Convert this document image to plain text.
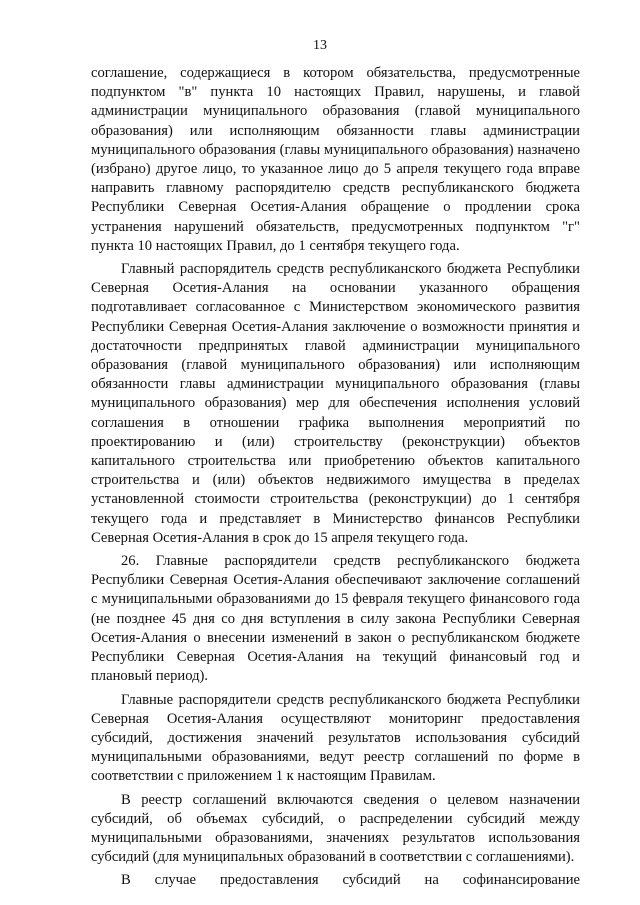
13

соглашение, содержащиеся в котором обязательства, предусмотренные подпунктом "в" пункта 10 настоящих Правил, нарушены, и главой администрации муниципального образования (главой муниципального образования) или исполняющим обязанности главы администрации муниципального образования (главы муниципального образования) назначено (избрано) другое лицо, то указанное лицо до 5 апреля текущего года вправе направить главному распорядителю средств республиканского бюджета Республики Северная Осетия-Алания обращение о продлении срока устранения нарушений обязательств, предусмотренных подпунктом "г" пункта 10 настоящих Правил, до 1 сентября текущего года.

Главный распорядитель средств республиканского бюджета Республики Северная Осетия-Алания на основании указанного обращения подготавливает согласованное с Министерством экономического развития Республики Северная Осетия-Алания заключение о возможности принятия и достаточности предпринятых главой администрации муниципального образования (главой муниципального образования) или исполняющим обязанности главы администрации муниципального образования (главы муниципального образования) мер для обеспечения исполнения условий соглашения в отношении графика выполнения мероприятий по проектированию и (или) строительству (реконструкции) объектов капитального строительства или приобретению объектов капитального строительства и (или) объектов недвижимого имущества в пределах установленной стоимости строительства (реконструкции) до 1 сентября текущего года и представляет в Министерство финансов Республики Северная Осетия-Алания в срок до 15 апреля текущего года.

26. Главные распорядители средств республиканского бюджета Республики Северная Осетия-Алания обеспечивают заключение соглашений с муниципальными образованиями до 15 февраля текущего финансового года (не позднее 45 дня со дня вступления в силу закона Республики Северная Осетия-Алания о внесении изменений в закон о республиканском бюджете Республики Северная Осетия-Алания на текущий финансовый год и плановый период).

Главные распорядители средств республиканского бюджета Республики Северная Осетия-Алания осуществляют мониторинг предоставления субсидий, достижения значений результатов использования субсидий муниципальными образованиями, ведут реестр соглашений по форме в соответствии с приложением 1 к настоящим Правилам.

В реестр соглашений включаются сведения о целевом назначении субсидий, об объемах субсидий, о распределении субсидий между муниципальными образованиями, значениях результатов использования субсидий (для муниципальных образований в соответствии с соглашениями).

В случае предоставления субсидий на софинансирование
